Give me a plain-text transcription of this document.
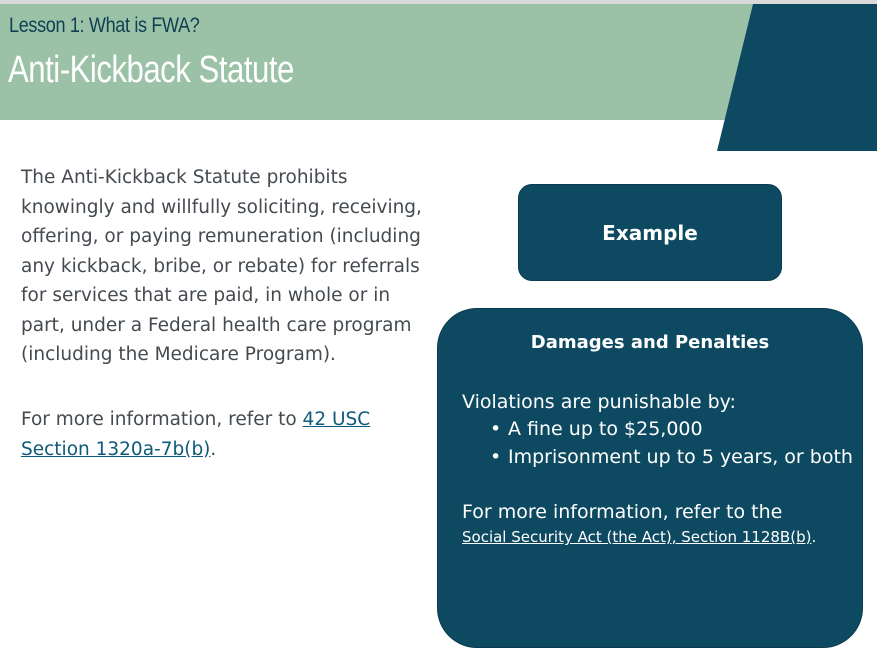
Lesson 1: What is FWA?
Anti-Kickback Statute

The Anti-Kickback Statute prohibits knowingly and willfully soliciting, receiving, offering, or paying remuneration (including any kickback, bribe, or rebate) for referrals for services that are paid, in whole or in part, under a Federal health care program (including the Medicare Program).

For more information, refer to 42 USC Section 1320a-7b(b).

Example
Damages and Penalties

Violations are punishable by:

• A fine up to $25,000
• Imprisonment up to 5 years, or both

For more information, refer to the

Social Security Act (the Act), Section 1128B(b).
